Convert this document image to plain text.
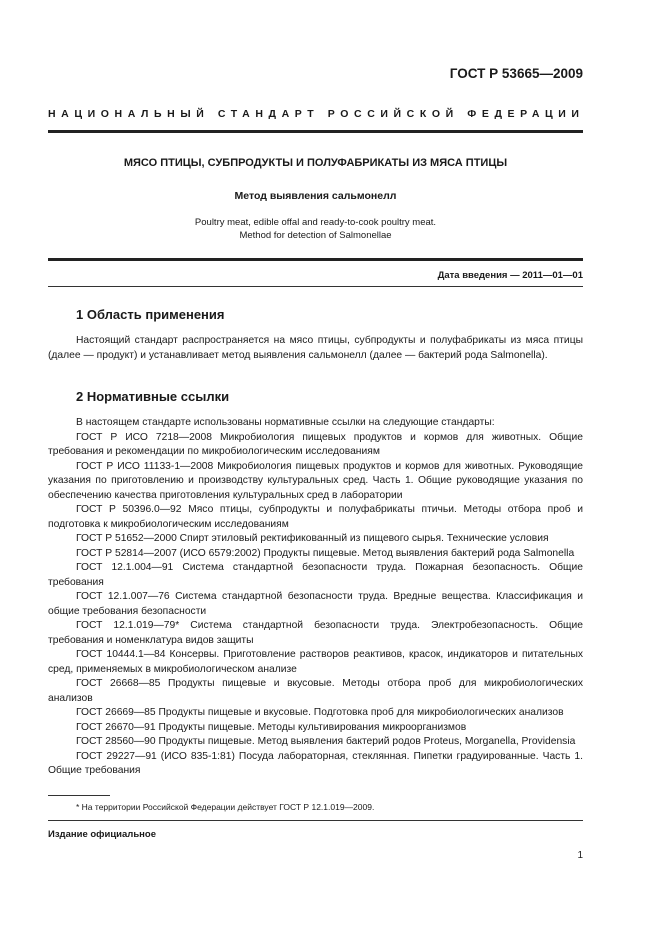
ГОСТ Р 53665—2009
НАЦИОНАЛЬНЫЙ СТАНДАРТ РОССИЙСКОЙ ФЕДЕРАЦИИ
МЯСО ПТИЦЫ, СУБПРОДУКТЫ И ПОЛУФАБРИКАТЫ ИЗ МЯСА ПТИЦЫ
Метод выявления сальмонелл
Poultry meat, edible offal and ready-to-cook poultry meat.
Method for detection of Salmonellae
Дата введения — 2011—01—01
1 Область применения
Настоящий стандарт распространяется на мясо птицы, субпродукты и полуфабрикаты из мяса птицы (далее — продукт) и устанавливает метод выявления сальмонелл (далее — бактерий рода Salmonella).
2 Нормативные ссылки
В настоящем стандарте использованы нормативные ссылки на следующие стандарты:
ГОСТ Р ИСО 7218—2008 Микробиология пищевых продуктов и кормов для животных. Общие требования и рекомендации по микробиологическим исследованиям
ГОСТ Р ИСО 11133-1—2008 Микробиология пищевых продуктов и кормов для животных. Руководящие указания по приготовлению и производству культуральных сред. Часть 1. Общие руководящие указания по обеспечению качества приготовления культуральных сред в лаборатории
ГОСТ Р 50396.0—92 Мясо птицы, субпродукты и полуфабрикаты птичьи. Методы отбора проб и подготовка к микробиологическим исследованиям
ГОСТ Р 51652—2000 Спирт этиловый ректификованный из пищевого сырья. Технические условия
ГОСТ Р 52814—2007 (ИСО 6579:2002) Продукты пищевые. Метод выявления бактерий рода Salmonella
ГОСТ 12.1.004—91 Система стандартной безопасности труда. Пожарная безопасность. Общие требования
ГОСТ 12.1.007—76 Система стандартной безопасности труда. Вредные вещества. Классификация и общие требования безопасности
ГОСТ 12.1.019—79* Система стандартной безопасности труда. Электробезопасность. Общие требования и номенклатура видов защиты
ГОСТ 10444.1—84 Консервы. Приготовление растворов реактивов, красок, индикаторов и питательных сред, применяемых в микробиологическом анализе
ГОСТ 26668—85 Продукты пищевые и вкусовые. Методы отбора проб для микробиологических анализов
ГОСТ 26669—85 Продукты пищевые и вкусовые. Подготовка проб для микробиологических анализов
ГОСТ 26670—91 Продукты пищевые. Методы культивирования микроорганизмов
ГОСТ 28560—90 Продукты пищевые. Метод выявления бактерий родов Proteus, Morganella, Providensia
ГОСТ 29227—91 (ИСО 835-1:81) Посуда лабораторная, стеклянная. Пипетки градуированные. Часть 1. Общие требования
* На территории Российской Федерации действует ГОСТ Р 12.1.019—2009.
Издание официальное
1
